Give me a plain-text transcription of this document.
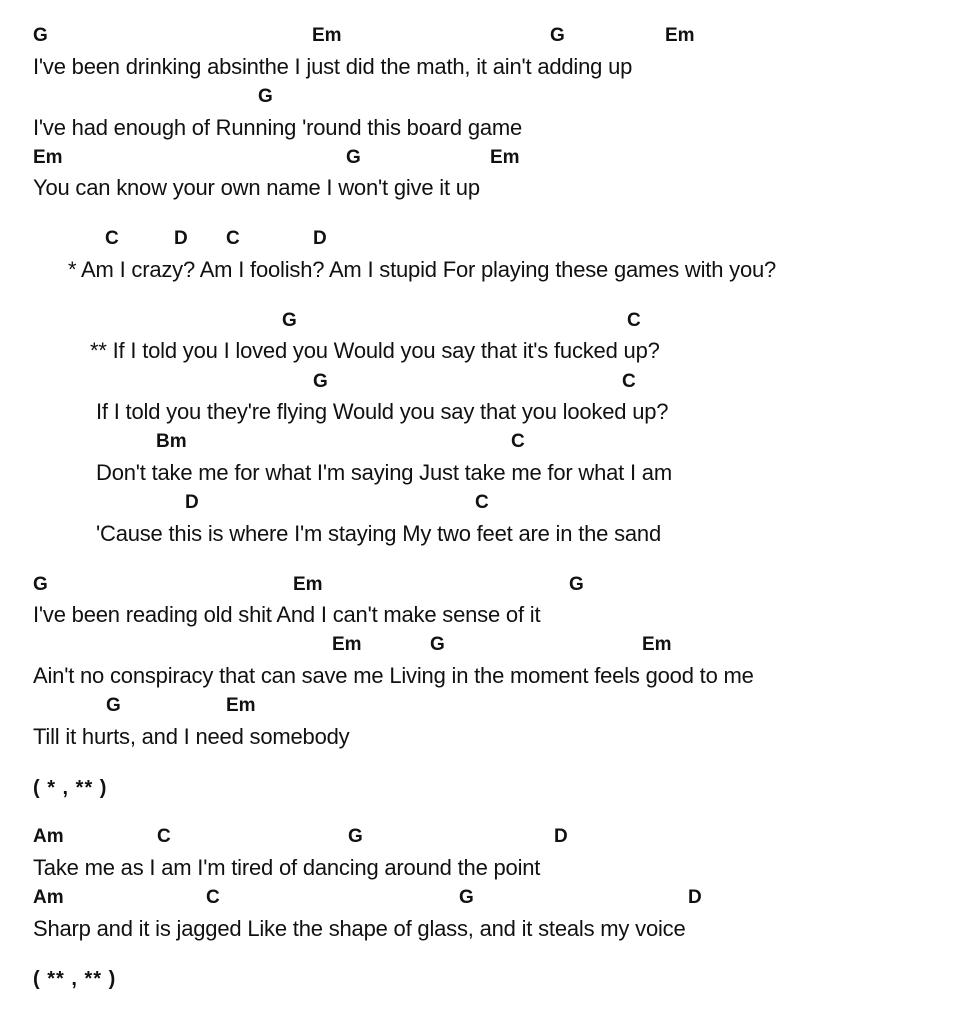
G	Em	G	Em
I've been drinking absinthe I just did the math, it ain't adding up
G
I've had enough of Running 'round this board game
Em	G	Em
You can know your own name I won't give it up
C	D C	D
* Am I crazy? Am I foolish? Am I stupid For playing these games with you?
G	C
** If I told you I loved you Would you say that it's fucked up?
G	C
If I told you they're flying Would you say that you looked up?
Bm	C
Don't take me for what I'm saying Just take me for what I am
D	C
'Cause this is where I'm staying My two feet are in the sand
G	Em	G
I've been reading old shit And I can't make sense of it
Em	G	Em
Ain't no conspiracy that can save me Living in the moment feels good to me
G	Em
Till it hurts, and I need somebody
( * , ** )
Am	C	G	D
Take me as I am I'm tired of dancing around the point
Am	C	G	D
Sharp and it is jagged Like the shape of glass, and it steals my voice
( ** , ** )
